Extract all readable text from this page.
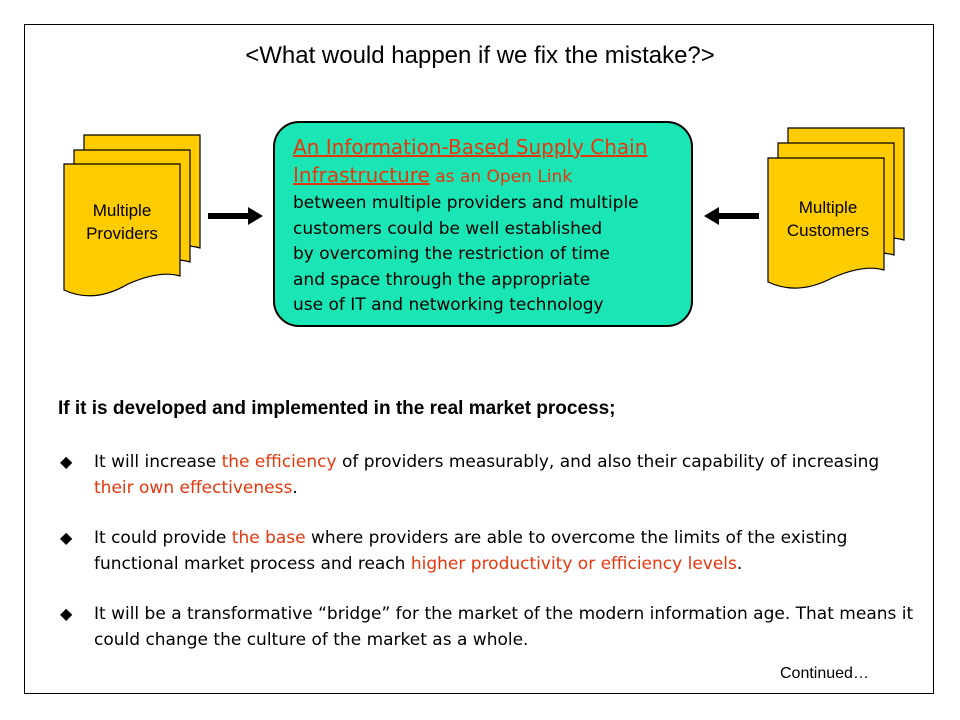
<What would happen if we fix the mistake?>
Multiple
Providers
Multiple
Customers
An Information-Based Supply Chain
Infrastructure as an Open Link
between multiple providers and multiple
customers could be well established
by overcoming the restriction of time
and space through the appropriate
use of IT and networking technology
If it is developed and implemented in the real market process;
◆ It will increase the efficiency of providers measurably, and also their capability of increasing their own effectiveness.
◆ It could provide the base where providers are able to overcome the limits of the existing functional market process and reach higher productivity or efficiency levels.
◆ It will be a transformative “bridge” for the market of the modern information age. That means it could change the culture of the market as a whole.
Continued…
